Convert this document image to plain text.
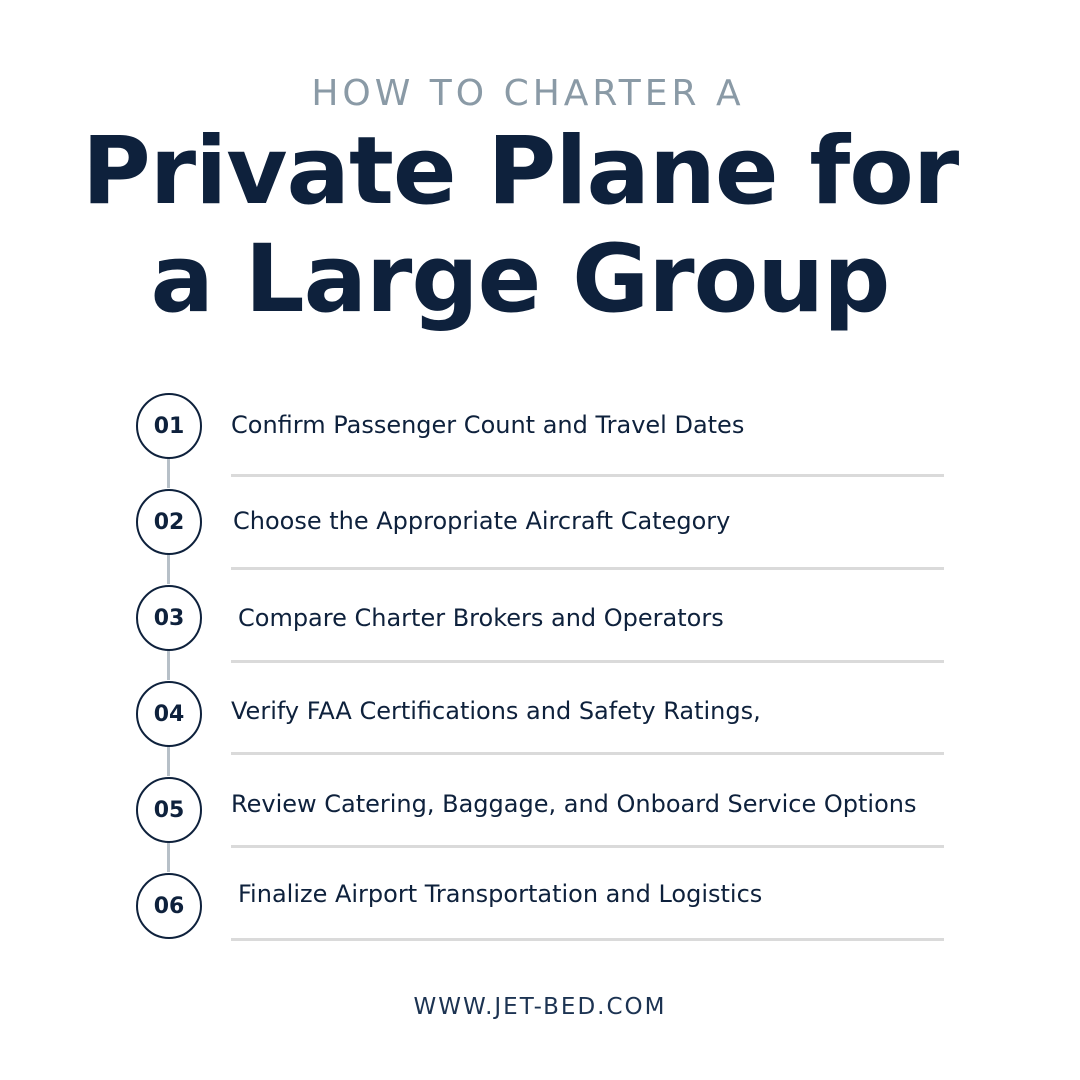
HOW TO CHARTER A
Private Plane for
a Large Group
01	Confirm Passenger Count and Travel Dates
02	Choose the Appropriate Aircraft Category
03	Compare Charter Brokers and Operators
04	Verify FAA Certifications and Safety Ratings,
05	Review Catering, Baggage, and Onboard Service Options
06	Finalize Airport Transportation and Logistics
WWW.JET-BED.COM
